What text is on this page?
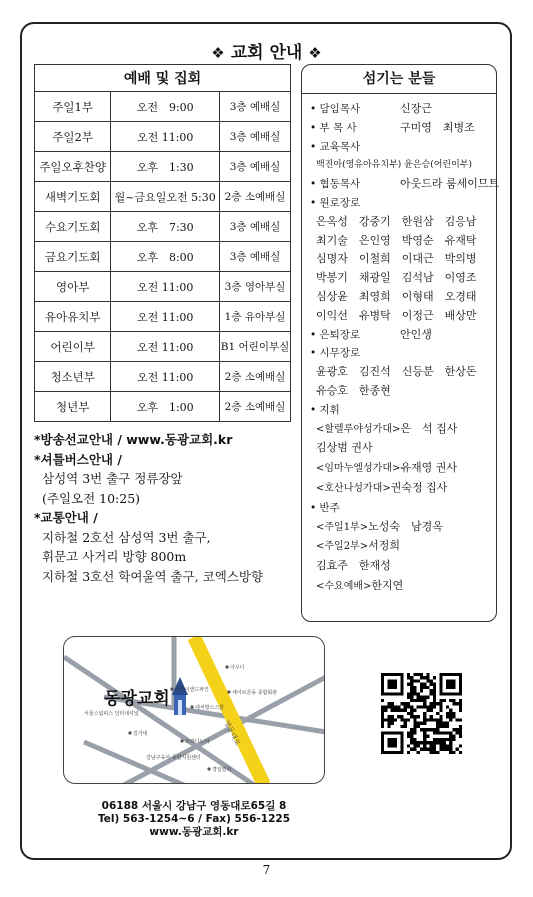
❖ 교회 안내 ❖
예배 및 집회		
주일1부	오전　9:00	3층 예배실
주일2부	오전 11:00	3층 예배실
주일오후찬양	오후　1:30	3층 예배실
새벽기도회	월~금요일오전 5:30	2층 소예배실
수요기도회	오후　7:30	3층 예배실
금요기도회	오후　8:00	3층 예배실
영아부	오전 11:00	3층 영아부실
유아유치부	오전 11:00	1층 유아부실
어린이부	오전 11:00	B1 어린이부실
청소년부	오전 11:00	2층 소예배실
청년부	오후　1:00	2층 소예배실
*방송선교안내 / www.동광교회.kr
*셔틀버스안내 /
삼성역 3번 출구 정류장앞
(주일오전 10:25)
*교통안내 /
지하철 2호선 삼성역 3번 출구,
휘문고 사거리 방향 800m
지하철 3호선 학여울역 출구, 코엑스방향
섬기는 분들
• 담임목사	신장근
• 부 목 사	구미영　최병조
• 교육목사
백진아(영유아유치부) 윤은승(어린이부)
• 협동목사	아웃드라 룸세이므트
• 원로장로
은옥성　강중기　한원삼　김응남
최기술　은인영　박영순　유재탁
심명자　이철희　이대근　박의병
박봉기　채광일　김석남　이영조
심상윤　최영희　이형태　오경태
이익선　유병탁　이정근　배상만
• 은퇴장로	안인생
• 시무장로
윤광호　김진석　신등분　한상돈
유승호　한종현
• 지휘
<할렐루야성가대>은　석 집사
김상범 권사
<임마누엘성가대>유재영 권사
<호산나성가대>권숙정 집사
• 반주
<주일1부>노성숙　남경옥
<주일2부>서정희
김효주　한재성
<수요예배>한지연
영동대로
동광교회
아우디
라카이샌드파인	세이브존동 종합회관
대치발스스쿨
서울스팀피스 인터내셔널
김가네
트리디노어
강남구육아 종합지원센터
경일빌라
06188 서울시 강남구 영동대로65길 8
Tel) 563-1254~6 / Fax) 556-1225
www.동광교회.kr
7
